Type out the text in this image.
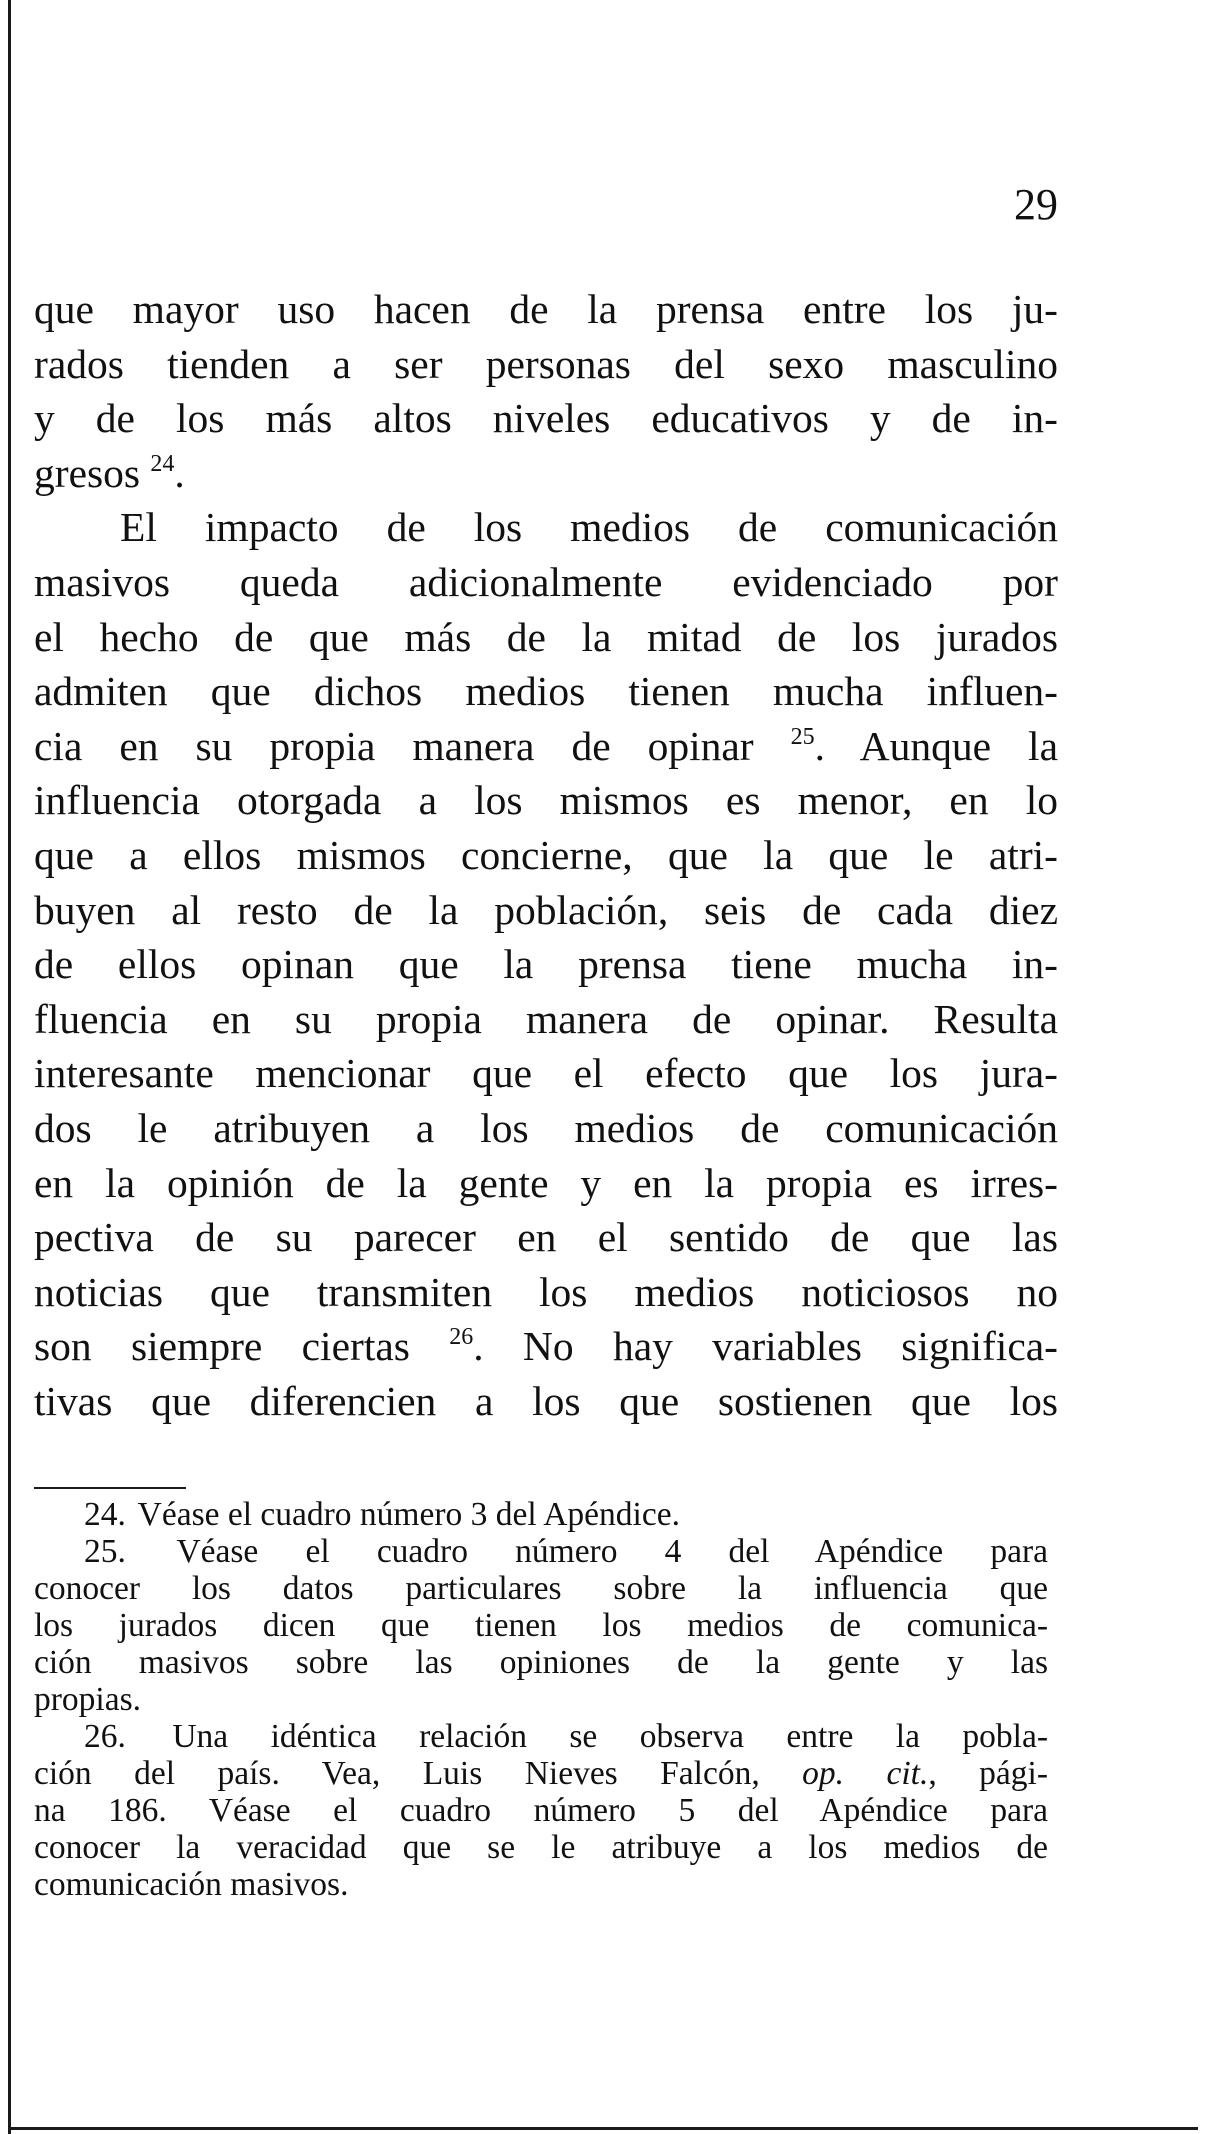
29
que mayor uso hacen de la prensa entre los ju-
rados tienden a ser personas del sexo masculino
y de los más altos niveles educativos y de in-
gresos $^{24}$.
El impacto de los medios de comunicación
masivos queda adicionalmente evidenciado por
el hecho de que más de la mitad de los jurados
admiten que dichos medios tienen mucha influen-
cia en su propia manera de opinar $^{25}$. Aunque la
influencia otorgada a los mismos es menor, en lo
que a ellos mismos concierne, que la que le atri-
buyen al resto de la población, seis de cada diez
de ellos opinan que la prensa tiene mucha in-
fluencia en su propia manera de opinar. Resulta
interesante mencionar que el efecto que los jura-
dos le atribuyen a los medios de comunicación
en la opinión de la gente y en la propia es irres-
pectiva de su parecer en el sentido de que las
noticias que transmiten los medios noticiosos no
son siempre ciertas $^{26}$. No hay variables significa-
tivas que diferencien a los que sostienen que los
24. Véase el cuadro número 3 del Apéndice.
25. Véase el cuadro número 4 del Apéndice para
conocer los datos particulares sobre la influencia que
los jurados dicen que tienen los medios de comunica-
ción masivos sobre las opiniones de la gente y las
propias.
26. Una idéntica relación se observa entre la pobla-
ción del país. Vea, Luis Nieves Falcón, op. cit., pági-
na 186. Véase el cuadro número 5 del Apéndice para
conocer la veracidad que se le atribuye a los medios de
comunicación masivos.
